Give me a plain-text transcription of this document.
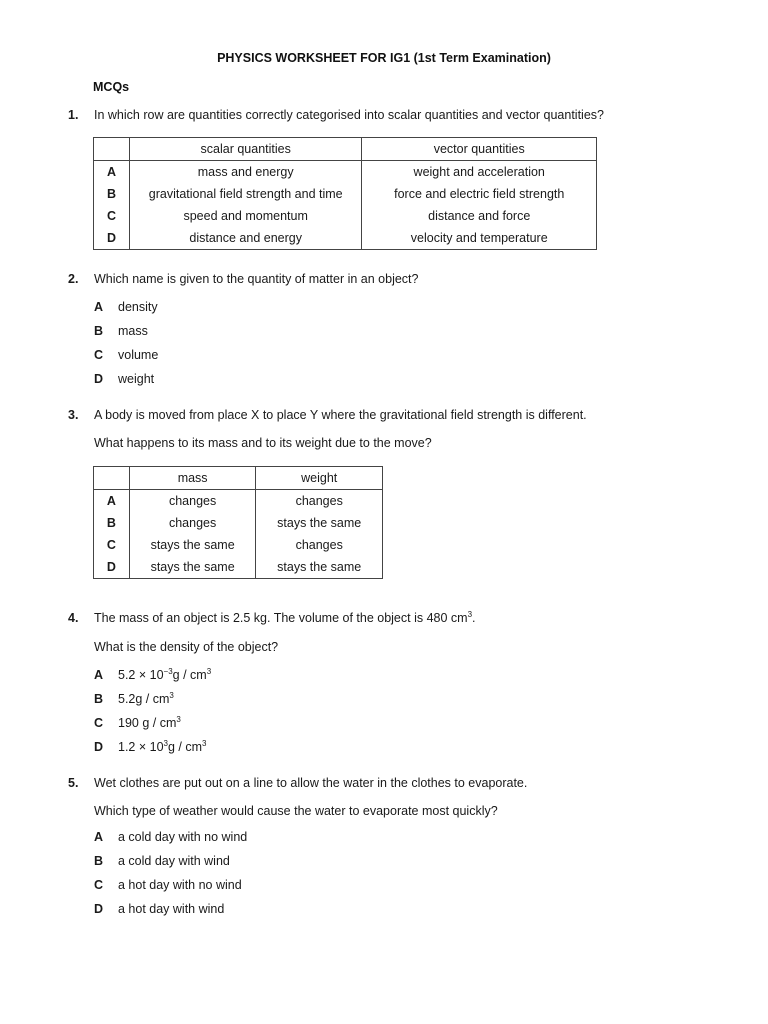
PHYSICS WORKSHEET FOR IG1 (1st Term Examination)
MCQs
1.	In which row are quantities correctly categorised into scalar quantities and vector quantities?
	scalar quantities	vector quantities
A	mass and energy	weight and acceleration
B	gravitational field strength and time	force and electric field strength
C	speed and momentum	distance and force
D	distance and energy	velocity and temperature
2.	Which name is given to the quantity of matter in an object?
A density
B mass
C volume
D weight
3.	A body is moved from place X to place Y where the gravitational field strength is different.
What happens to its mass and to its weight due to the move?
	mass	weight
A	changes	changes
B	changes	stays the same
C	stays the same	changes
D	stays the same	stays the same
4.	The mass of an object is 2.5 kg. The volume of the object is 480 $cm^3$.
What is the density of the object?
A $5.2 \times 10^{-3}g / cm^3$
B $5.2g / cm^3$
C 190 g / $cm^3$
D $1.2 \times 10^3g / cm^3$
5.	Wet clothes are put out on a line to allow the water in the clothes to evaporate.
Which type of weather would cause the water to evaporate most quickly?
A a cold day with no wind
B a cold day with wind
C a hot day with no wind
D a hot day with wind
